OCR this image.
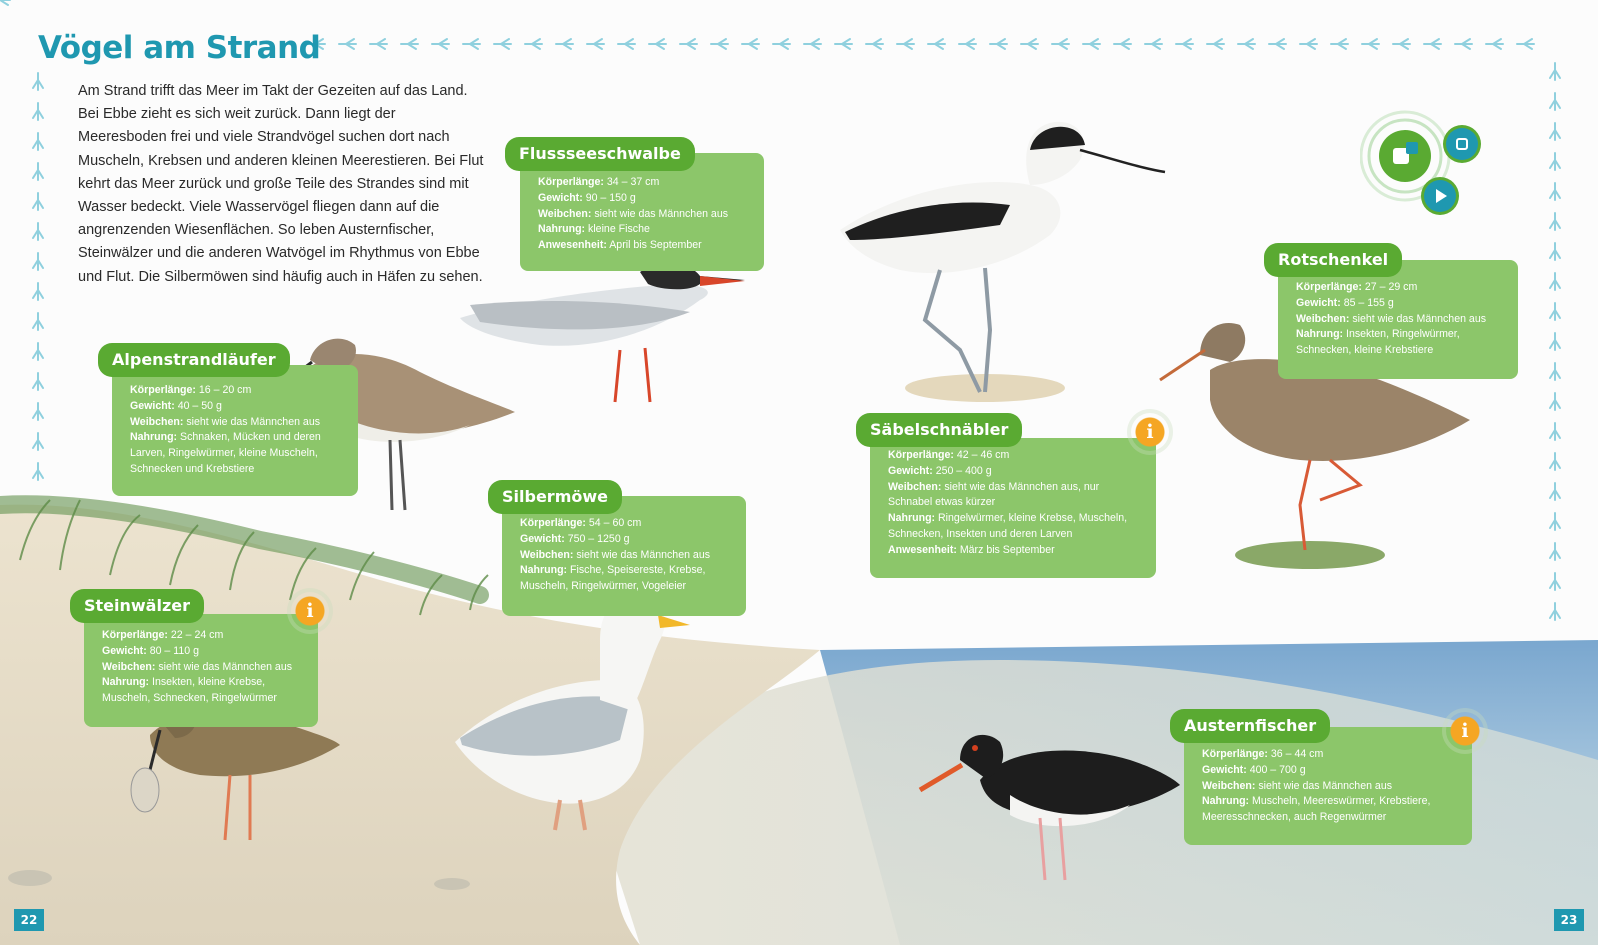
Vögel am Strand
Am Strand trifft das Meer im Takt der Gezeiten auf das Land. Bei Ebbe zieht es sich weit zurück. Dann liegt der Meeresboden frei und viele Strandvögel suchen dort nach Muscheln, Krebsen und anderen kleinen Meerestieren. Bei Flut kehrt das Meer zurück und große Teile des Strandes sind mit Wasser bedeckt. Viele Wasservögel fliegen dann auf die angrenzenden Wiesenflächen. So leben Austernfischer, Steinwälzer und die anderen Watvögel im Rhythmus von Ebbe und Flut. Die Silbermöwen sind häufig auch in Häfen zu sehen.
Körperlänge: 34 – 37 cm
Gewicht: 90 – 150 g
Weibchen: sieht wie das Männchen aus
Nahrung: kleine Fische
Anwesenheit: April bis September
Flussseeschwalbe
Körperlänge: 16 – 20 cm
Gewicht: 40 – 50 g
Weibchen: sieht wie das Männchen aus
Nahrung: Schnaken, Mücken und deren Larven, Ringelwürmer, kleine Muscheln, Schnecken und Krebstiere
Alpenstrandläufer
Körperlänge: 54 – 60 cm
Gewicht: 750 – 1250 g
Weibchen: sieht wie das Männchen aus
Nahrung: Fische, Speisereste, Krebse, Muscheln, Ringelwürmer, Vogeleier
Silbermöwe
Körperlänge: 22 – 24 cm
Gewicht: 80 – 110 g
Weibchen: sieht wie das Männchen aus
Nahrung: Insekten, kleine Krebse, Muscheln, Schnecken, Ringelwürmer
Steinwälzer	i
Körperlänge: 42 – 46 cm
Gewicht: 250 – 400 g
Weibchen: sieht wie das Männchen aus, nur Schnabel etwas kürzer
Nahrung: Ringelwürmer, kleine Krebse, Muscheln, Schnecken, Insekten und deren Larven
Anwesenheit: März bis September
Säbelschnäbler	i
Körperlänge: 27 – 29 cm
Gewicht: 85 – 155 g
Weibchen: sieht wie das Männchen aus
Nahrung: Insekten, Ringelwürmer, Schnecken, kleine Krebstiere
Rotschenkel
Körperlänge: 36 – 44 cm
Gewicht: 400 – 700 g
Weibchen: sieht wie das Männchen aus
Nahrung: Muscheln, Meereswürmer, Krebstiere, Meeresschnecken, auch Regenwürmer
Austernfischer	i
22	23
